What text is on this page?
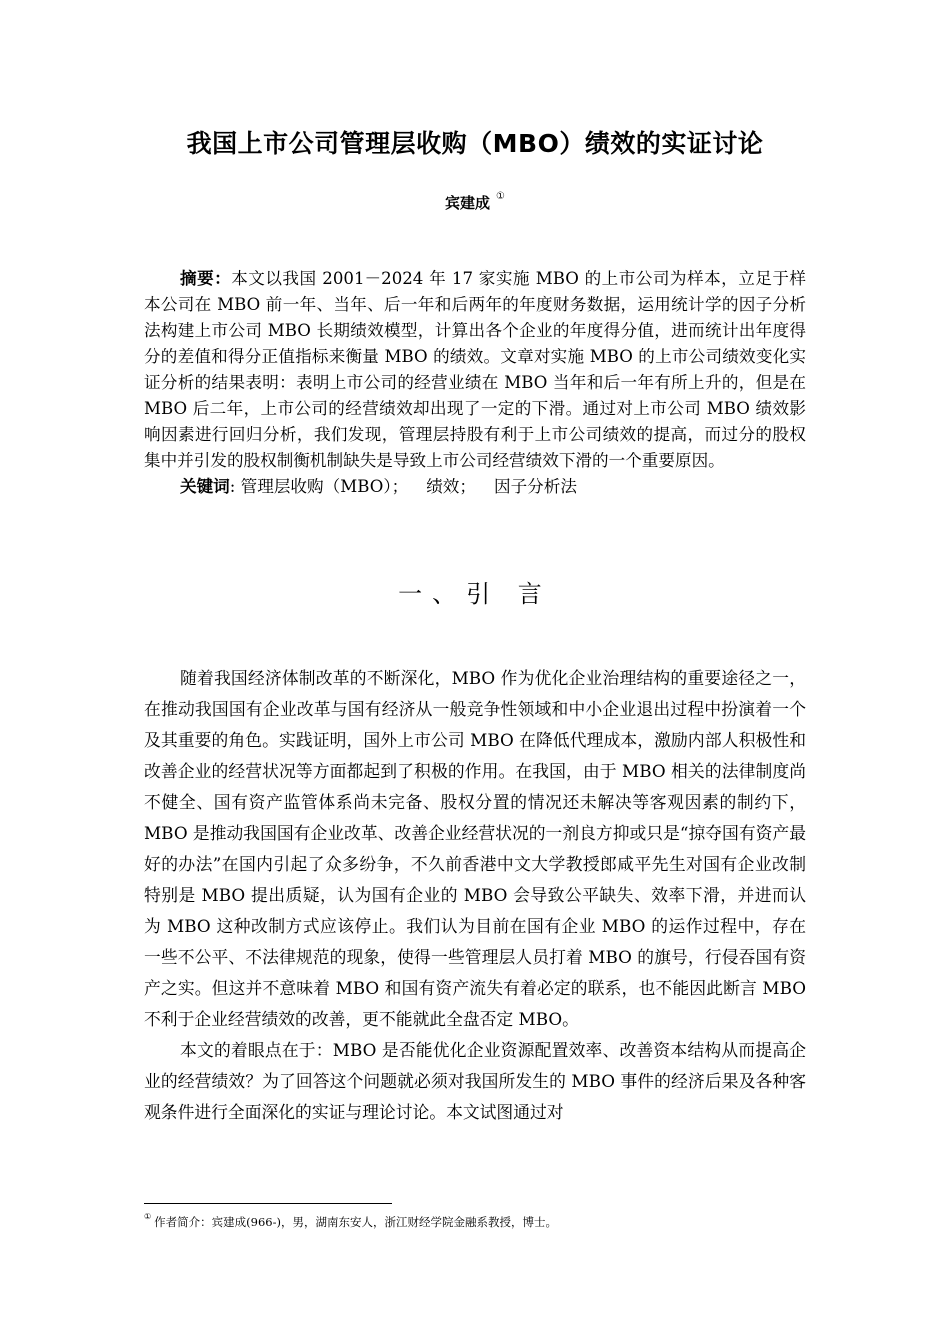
我国上市公司管理层收购（MBO）绩效的实证讨论
宾建成 ①

摘要：本文以我国 2001－2024 年 17 家实施 MBO 的上市公司为样本，立足于样本公司在 MBO 前一年、当年、后一年和后两年的年度财务数据，运用统计学的因子分析法构建上市公司 MBO 长期绩效模型，计算出各个企业的年度得分值，进而统计出年度得分的差值和得分正值指标来衡量 MBO 的绩效。文章对实施 MBO 的上市公司绩效变化实证分析的结果表明：表明上市公司的经营业绩在 MBO 当年和后一年有所上升的，但是在 MBO 后二年，上市公司的经营绩效却出现了一定的下滑。通过对上市公司 MBO 绩效影响因素进行回归分析，我们发现，管理层持股有利于上市公司绩效的提高，而过分的股权集中并引发的股权制衡机制缺失是导致上市公司经营绩效下滑的一个重要原因。

关键词: 管理层收购（MBO）； 绩效； 因子分析法

一、引 言

随着我国经济体制改革的不断深化，MBO 作为优化企业治理结构的重要途径之一，在推动我国国有企业改革与国有经济从一般竞争性领域和中小企业退出过程中扮演着一个及其重要的角色。实践证明，国外上市公司 MBO 在降低代理成本，激励内部人积极性和改善企业的经营状况等方面都起到了积极的作用。在我国，由于 MBO 相关的法律制度尚不健全、国有资产监管体系尚未完备、股权分置的情况还未解决等客观因素的制约下，MBO 是推动我国国有企业改革、改善企业经营状况的一剂良方抑或只是“掠夺国有资产最好的办法”在国内引起了众多纷争，不久前香港中文大学教授郎咸平先生对国有企业改制特别是 MBO 提出质疑，认为国有企业的 MBO 会导致公平缺失、效率下滑，并进而认为 MBO 这种改制方式应该停止。我们认为目前在国有企业 MBO 的运作过程中，存在一些不公平、不法律规范的现象，使得一些管理层人员打着 MBO 的旗号，行侵吞国有资产之实。但这并不意味着 MBO 和国有资产流失有着必定的联系，也不能因此断言 MBO 不利于企业经营绩效的改善，更不能就此全盘否定 MBO。

本文的着眼点在于：MBO 是否能优化企业资源配置效率、改善资本结构从而提高企业的经营绩效？为了回答这个问题就必须对我国所发生的 MBO 事件的经济后果及各种客观条件进行全面深化的实证与理论讨论。本文试图通过对

① 作者简介：宾建成(966-)，男，湖南东安人，浙江财经学院金融系教授，博士。
